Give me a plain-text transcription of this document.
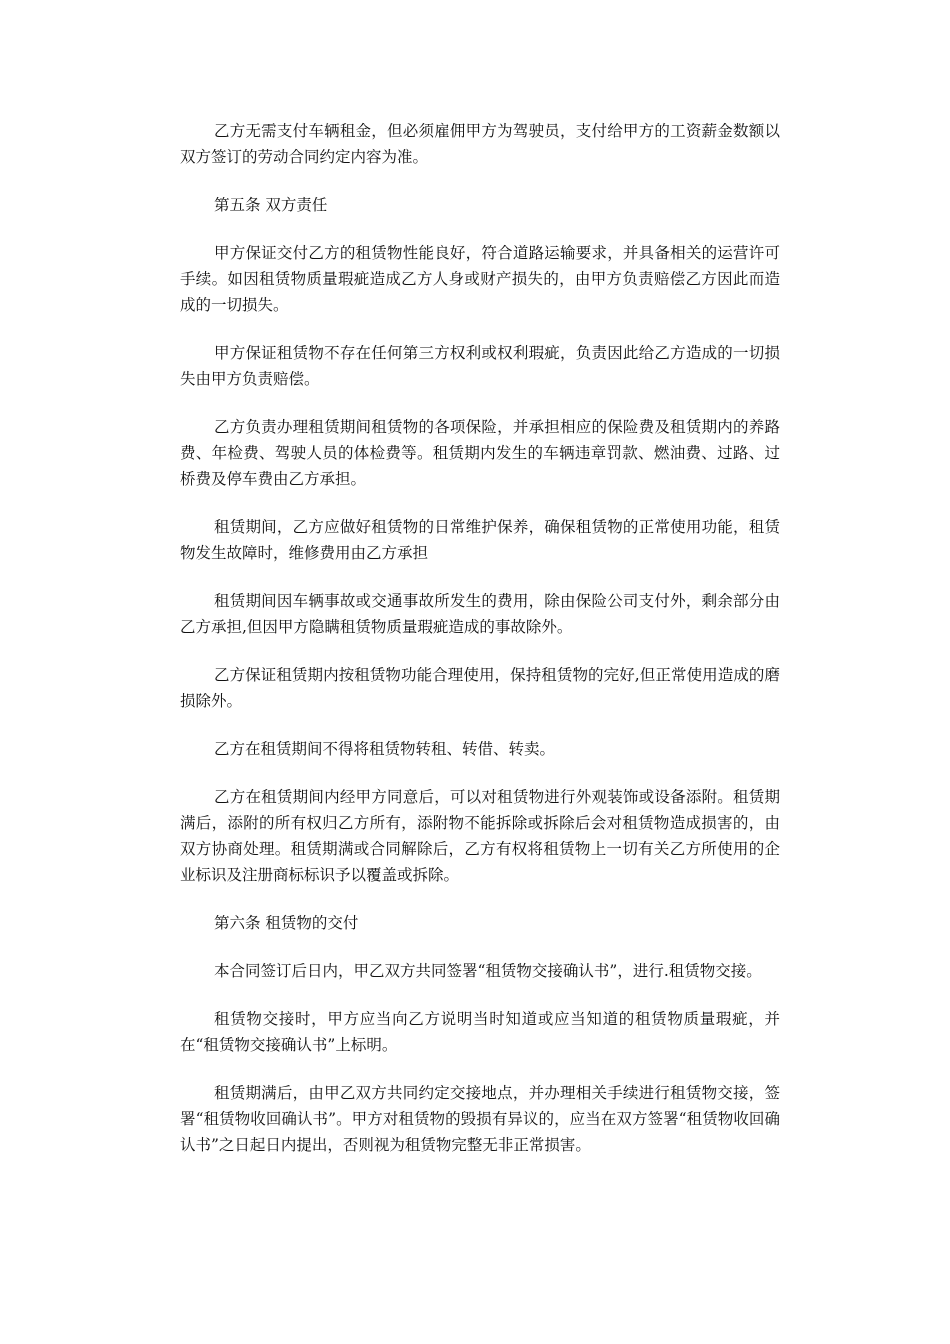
乙方无需支付车辆租金，但必须雇佣甲方为驾驶员，支付给甲方的工资薪金数额以双方签订的劳动合同约定内容为准。

第五条 双方责任

甲方保证交付乙方的租赁物性能良好，符合道路运输要求，并具备相关的运营许可手续。如因租赁物质量瑕疵造成乙方人身或财产损失的，由甲方负责赔偿乙方因此而造成的一切损失。

甲方保证租赁物不存在任何第三方权利或权利瑕疵，负责因此给乙方造成的一切损失由甲方负责赔偿。

乙方负责办理租赁期间租赁物的各项保险，并承担相应的保险费及租赁期内的养路费、年检费、驾驶人员的体检费等。租赁期内发生的车辆违章罚款、燃油费、过路、过桥费及停车费由乙方承担。

租赁期间，乙方应做好租赁物的日常维护保养，确保租赁物的正常使用功能，租赁物发生故障时，维修费用由乙方承担

租赁期间因车辆事故或交通事故所发生的费用，除由保险公司支付外，剩余部分由乙方承担,但因甲方隐瞒租赁物质量瑕疵造成的事故除外。

乙方保证租赁期内按租赁物功能合理使用，保持租赁物的完好,但正常使用造成的磨损除外。

乙方在租赁期间不得将租赁物转租、转借、转卖。

乙方在租赁期间内经甲方同意后，可以对租赁物进行外观装饰或设备添附。租赁期满后，添附的所有权归乙方所有，添附物不能拆除或拆除后会对租赁物造成损害的，由双方协商处理。租赁期满或合同解除后，乙方有权将租赁物上一切有关乙方所使用的企业标识及注册商标标识予以覆盖或拆除。

第六条 租赁物的交付

本合同签订后日内，甲乙双方共同签署“租赁物交接确认书”，进行.租赁物交接。

租赁物交接时，甲方应当向乙方说明当时知道或应当知道的租赁物质量瑕疵，并在“租赁物交接确认书”上标明。

租赁期满后，由甲乙双方共同约定交接地点，并办理相关手续进行租赁物交接，签署“租赁物收回确认书”。甲方对租赁物的毁损有异议的，应当在双方签署“租赁物收回确认书”之日起日内提出，否则视为租赁物完整无非正常损害。
